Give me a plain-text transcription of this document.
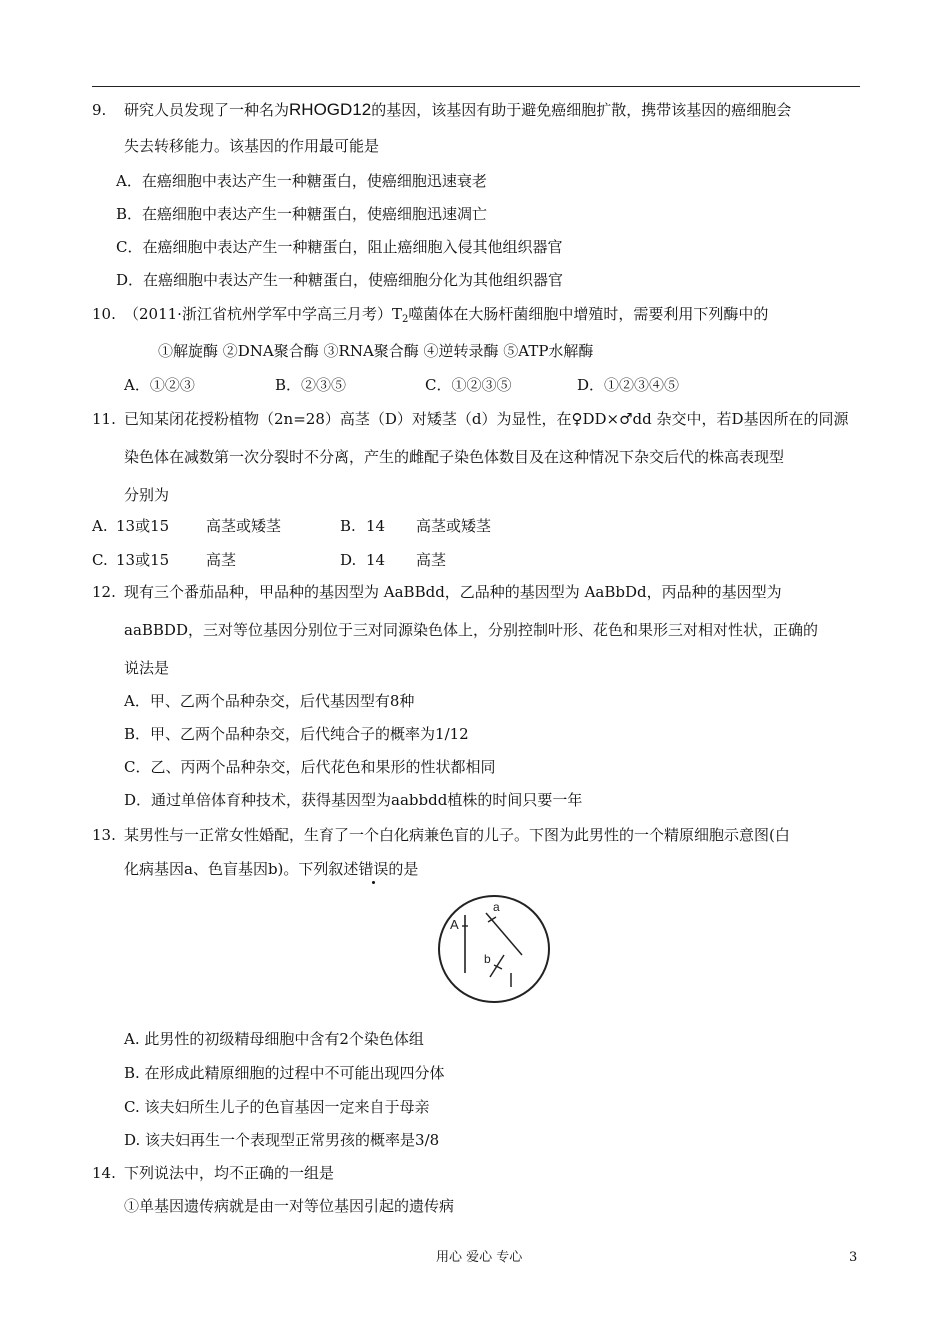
9. 研究人员发现了一种名为RHOGD12的基因，该基因有助于避免癌细胞扩散，携带该基因的癌细胞会
失去转移能力。该基因的作用最可能是
A．在癌细胞中表达产生一种糖蛋白，使癌细胞迅速衰老
B．在癌细胞中表达产生一种糖蛋白，使癌细胞迅速凋亡
C．在癌细胞中表达产生一种糖蛋白，阻止癌细胞入侵其他组织器官
D．在癌细胞中表达产生一种糖蛋白，使癌细胞分化为其他组织器官
10. （2011·浙江省杭州学军中学高三月考）$T_2$噬菌体在大肠杆菌细胞中增殖时，需要利用下列酶中的
①解旋酶 ②DNA聚合酶 ③RNA聚合酶 ④逆转录酶 ⑤ATP水解酶
A．①②③	B．②③⑤	C．①②③⑤	D．①②③④⑤
11. 已知某闭花授粉植物（2n=28）高茎（D）对矮茎（d）为显性，在♀DD×♂dd 杂交中，若D基因所在的同源
染色体在减数第一次分裂时不分离，产生的雌配子染色体数目及在这种情况下杂交后代的株高表现型
分别为
A. 13或15 高茎或矮茎	B. 14 高茎或矮茎
C. 13或15 高茎	D. 14 高茎
12. 现有三个番茄品种，甲品种的基因型为 AaBBdd，乙品种的基因型为 AaBbDd，丙品种的基因型为
aaBBDD，三对等位基因分别位于三对同源染色体上，分别控制叶形、花色和果形三对相对性状，正确的
说法是
A．甲、乙两个品种杂交，后代基因型有8种
B．甲、乙两个品种杂交，后代纯合子的概率为1/12
C．乙、丙两个品种杂交，后代花色和果形的性状都相同
D．通过单倍体育种技术，获得基因型为aabbdd植株的时间只要一年
13. 某男性与一正常女性婚配，生育了一个白化病兼色盲的儿子。下图为此男性的一个精原细胞示意图(白
化病基因a、色盲基因b)。下列叙述错误的是
A
a
b
A. 此男性的初级精母细胞中含有2个染色体组
B. 在形成此精原细胞的过程中不可能出现四分体
C. 该夫妇所生儿子的色盲基因一定来自于母亲
D. 该夫妇再生一个表现型正常男孩的概率是3/8
14. 下列说法中，均不正确的一组是
①单基因遗传病就是由一对等位基因引起的遗传病
用心 爱心 专心	3
